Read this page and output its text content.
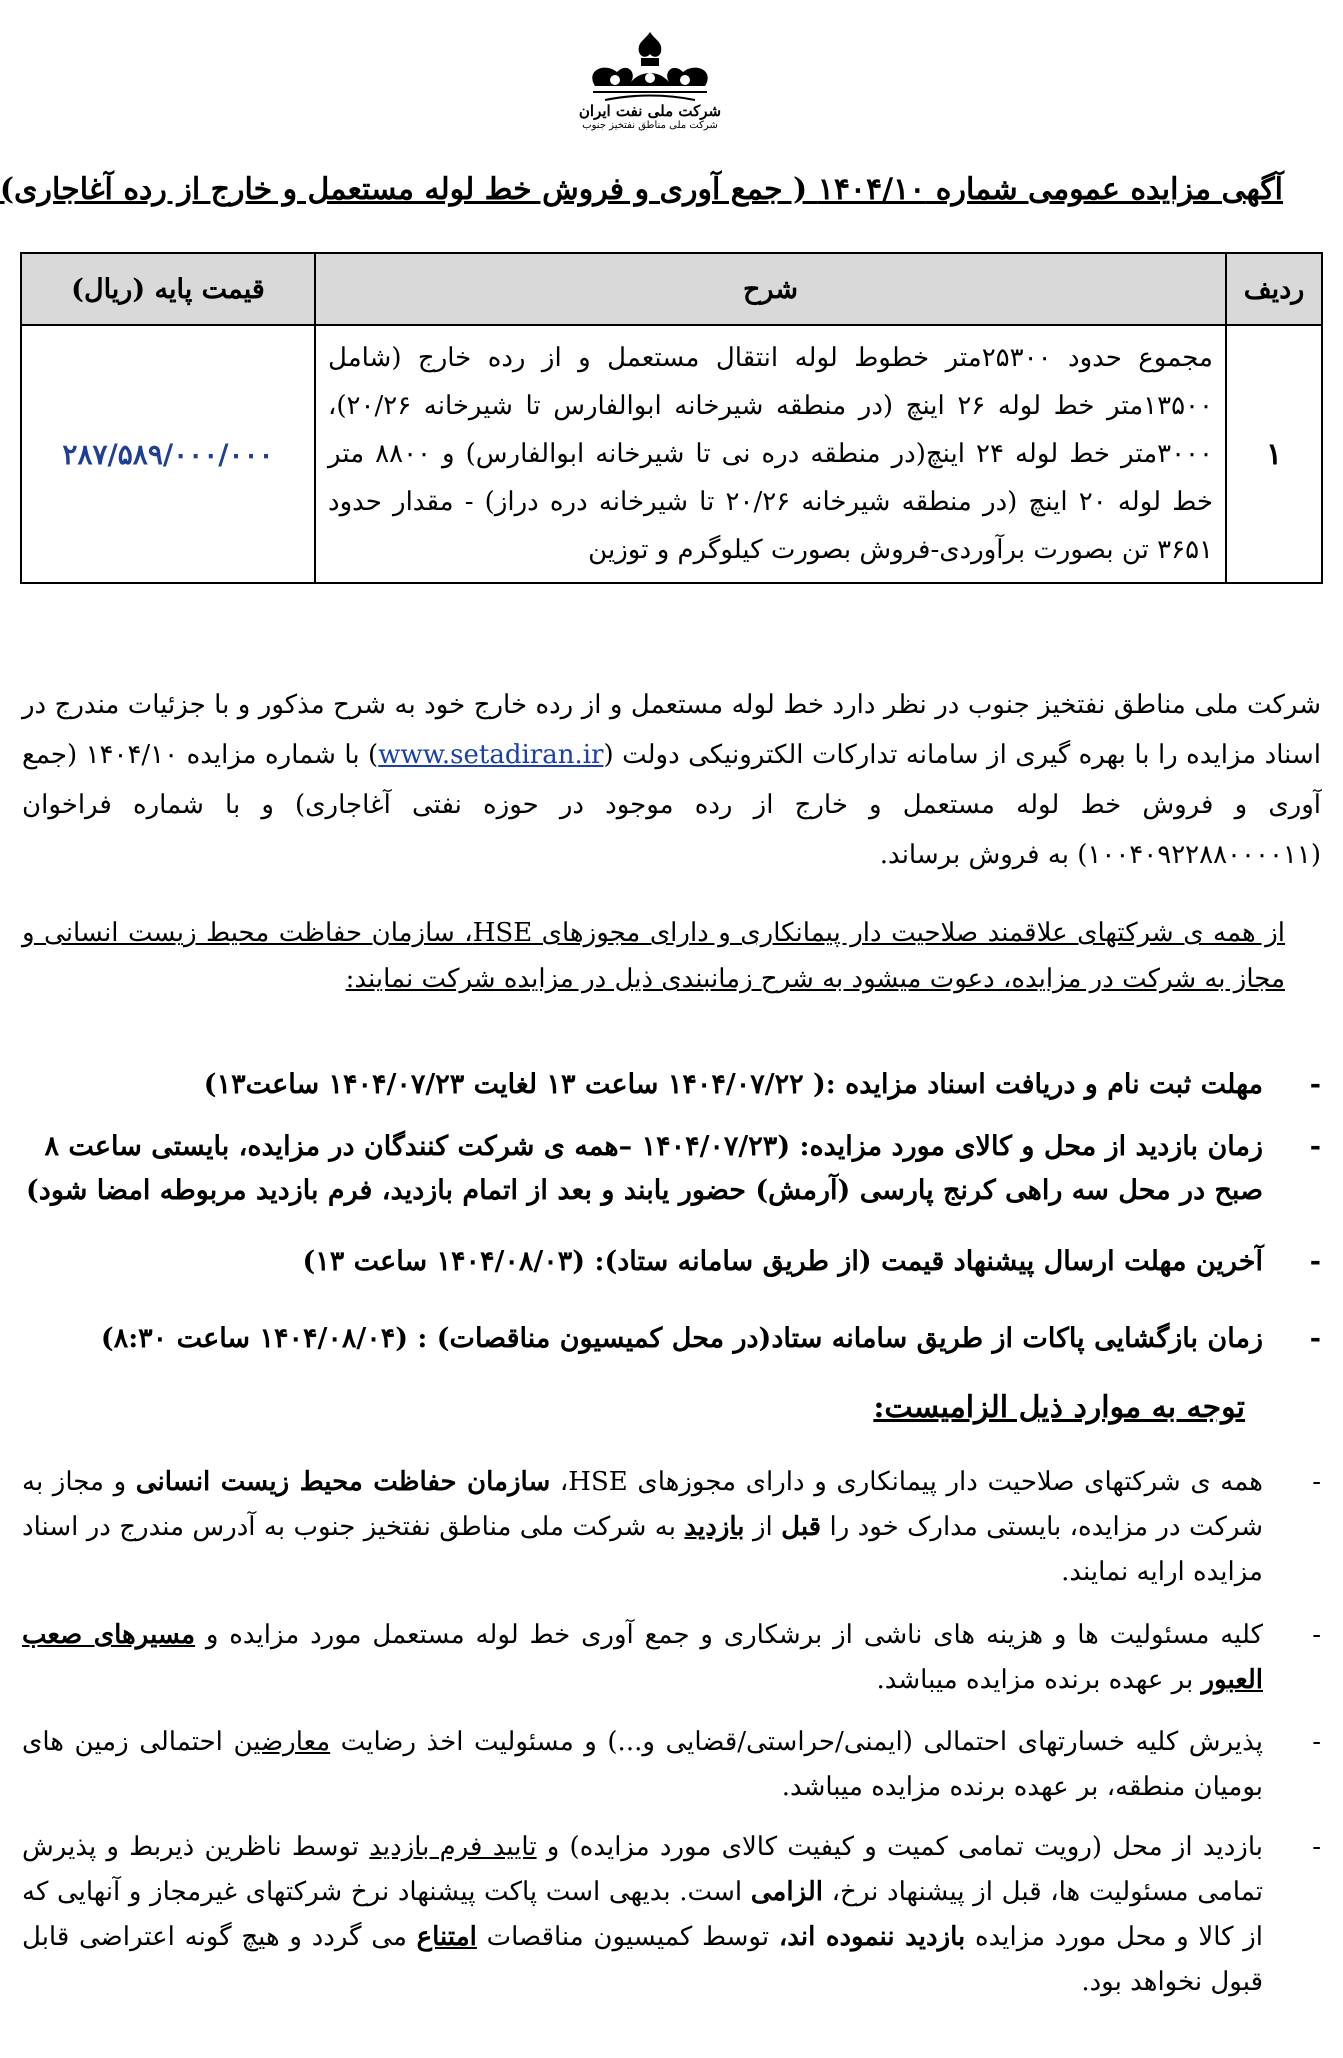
شرکت ملی نفت ایران
شرکت ملی مناطق نفتخیز جنوب
آگهی مزایده عمومی شماره ۱۴۰۴/۱۰ ( جمع آوری و فروش خط لوله مستعمل و خارج از رده آغاجاری)
ردیف	شرح	قیمت پایه (ریال)
۱	مجموع حدود ۲۵۳۰۰متر خطوط لوله انتقال مستعمل و از رده خارج (شامل ۱۳۵۰۰متر خط لوله ۲۶ اینچ (در منطقه شیرخانه ابوالفارس تا شیرخانه ۲۰/۲۶)، ۳۰۰۰متر خط لوله ۲۴ اینچ(در منطقه دره نی تا شیرخانه ابوالفارس) و ۸۸۰۰ متر خط لوله ۲۰ اینچ (در منطقه شیرخانه ۲۰/۲۶ تا شیرخانه دره دراز) - مقدار حدود ۳۶۵۱ تن بصورت برآوردی-فروش بصورت کیلوگرم و توزین	۲۸۷/۵۸۹/۰۰۰/۰۰۰
شرکت ملی مناطق نفتخیز جنوب در نظر دارد خط لوله مستعمل و از رده خارج خود به شرح مذکور و با جزئیات مندرج در اسناد مزایده را با بهره گیری از سامانه تدارکات الکترونیکی دولت (www.setadiran.ir) با شماره مزایده ۱۴۰۴/۱۰ (جمع آوری و فروش خط لوله مستعمل و خارج از رده موجود در حوزه نفتی آغاجاری) و با شماره فراخوان (۱۰۰۴۰۹۲۲۸۸۰۰۰۰۱۱) به فروش برساند.
از همه ی شرکتهای علاقمند صلاحیت دار پیمانکاری و دارای مجوزهای HSE، سازمان حفاظت محیط زیست انسانی و مجاز به شرکت در مزایده، دعوت میشود به شرح زمانبندی ذیل در مزایده شرکت نمایند:
-
مهلت ثبت نام و دریافت اسناد مزایده :( ۱۴۰۴/۰۷/۲۲ ساعت ۱۳ لغایت ۱۴۰۴/۰۷/۲۳ ساعت۱۳)
-
زمان بازدید از محل و کالای مورد مزایده: (۱۴۰۴/۰۷/۲۳ –همه ی شرکت کنندگان در مزایده، بایستی ساعت ۸ صبح در محل سه راهی کرنج پارسی (آرمش) حضور یابند و بعد از اتمام بازدید، فرم بازدید مربوطه امضا شود)
-
آخرین مهلت ارسال پیشنهاد قیمت (از طریق سامانه ستاد): (۱۴۰۴/۰۸/۰۳ ساعت ۱۳)
-
زمان بازگشایی پاکات از طریق سامانه ستاد(در محل کمیسیون مناقصات) : (۱۴۰۴/۰۸/۰۴ ساعت ۸:۳۰)
توجه به موارد ذیل الزامیست:
-
همه ی شرکتهای صلاحیت دار پیمانکاری و دارای مجوزهای HSE، سازمان حفاظت محیط زیست انسانی و مجاز به شرکت در مزایده، بایستی مدارک خود را قبل از بازدید به شرکت ملی مناطق نفتخیز جنوب به آدرس مندرج در اسناد مزایده ارایه نمایند.
-
کلیه مسئولیت ها و هزینه های ناشی از برشکاری و جمع آوری خط لوله مستعمل مورد مزایده و مسیرهای صعب العبور بر عهده برنده مزایده میباشد.
-
پذیرش کلیه خسارتهای احتمالی (ایمنی/حراستی/قضایی و...) و مسئولیت اخذ رضایت معارضین احتمالی زمین های بومیان منطقه، بر عهده برنده مزایده میباشد.
-
بازدید از محل (رویت تمامی کمیت و کیفیت کالای مورد مزایده) و تایید فرم بازدید توسط ناظرین ذیربط و پذیرش تمامی مسئولیت ها، قبل از پیشنهاد نرخ، الزامی است. بدیهی است پاکت پیشنهاد نرخ شرکتهای غیرمجاز و آنهایی که از کالا و محل مورد مزایده بازدید ننموده اند، توسط کمیسیون مناقصات امتناع می گردد و هیچ گونه اعتراضی قابل قبول نخواهد بود.
